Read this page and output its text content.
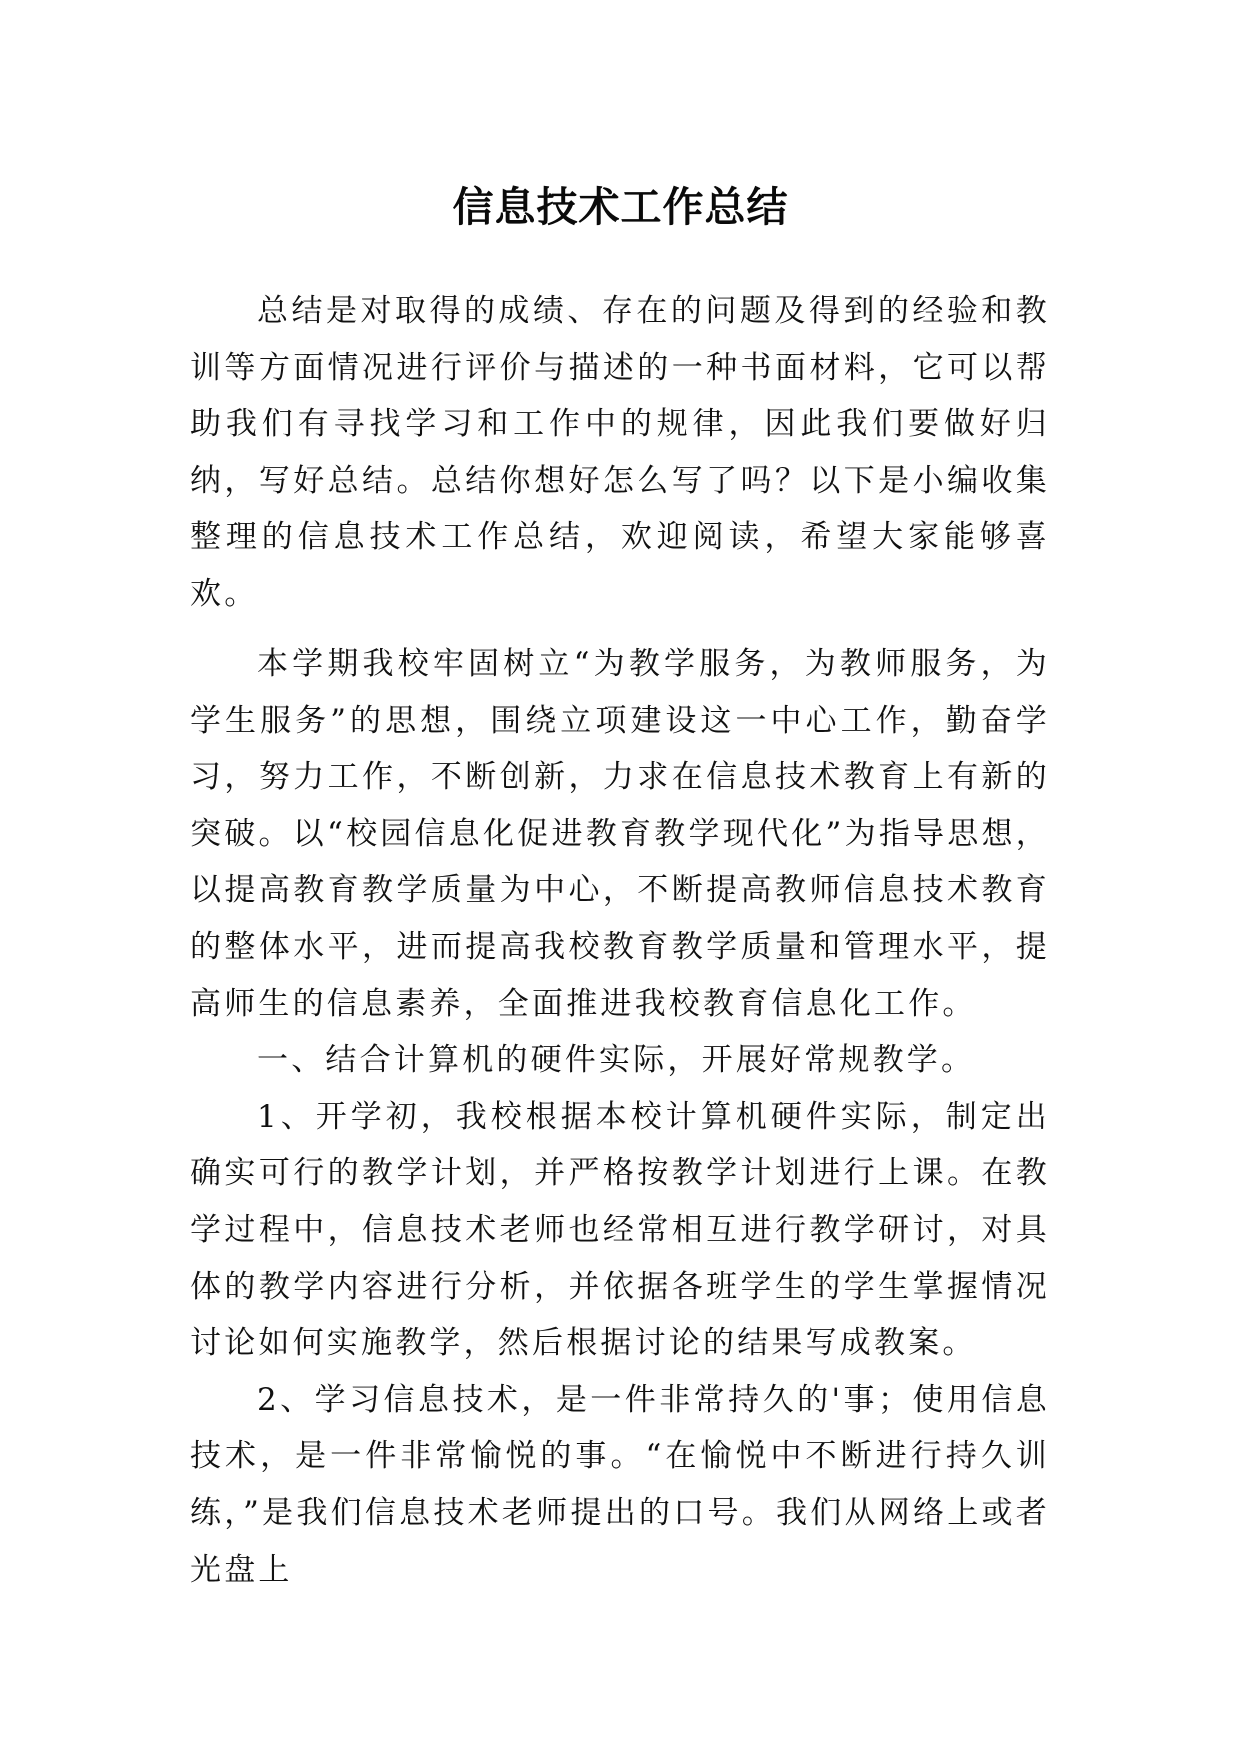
信息技术工作总结

总结是对取得的成绩、存在的问题及得到的经验和教训等方面情况进行评价与描述的一种书面材料，它可以帮助我们有寻找学习和工作中的规律，因此我们要做好归纳，写好总结。总结你想好怎么写了吗？以下是小编收集整理的信息技术工作总结，欢迎阅读，希望大家能够喜欢。

本学期我校牢固树立“为教学服务，为教师服务，为学生服务”的思想，围绕立项建设这一中心工作，勤奋学习，努力工作，不断创新，力求在信息技术教育上有新的突破。以“校园信息化促进教育教学现代化”为指导思想，以提高教育教学质量为中心，不断提高教师信息技术教育的整体水平，进而提高我校教育教学质量和管理水平，提高师生的信息素养，全面推进我校教育信息化工作。

一、结合计算机的硬件实际，开展好常规教学。

1、开学初，我校根据本校计算机硬件实际，制定出确实可行的教学计划，并严格按教学计划进行上课。在教学过程中，信息技术老师也经常相互进行教学研讨，对具体的教学内容进行分析，并依据各班学生的学生掌握情况讨论如何实施教学，然后根据讨论的结果写成教案。

2、学习信息技术，是一件非常持久的'事；使用信息技术，是一件非常愉悦的事。“在愉悦中不断进行持久训练，”是我们信息技术老师提出的口号。我们从网络上或者光盘上
